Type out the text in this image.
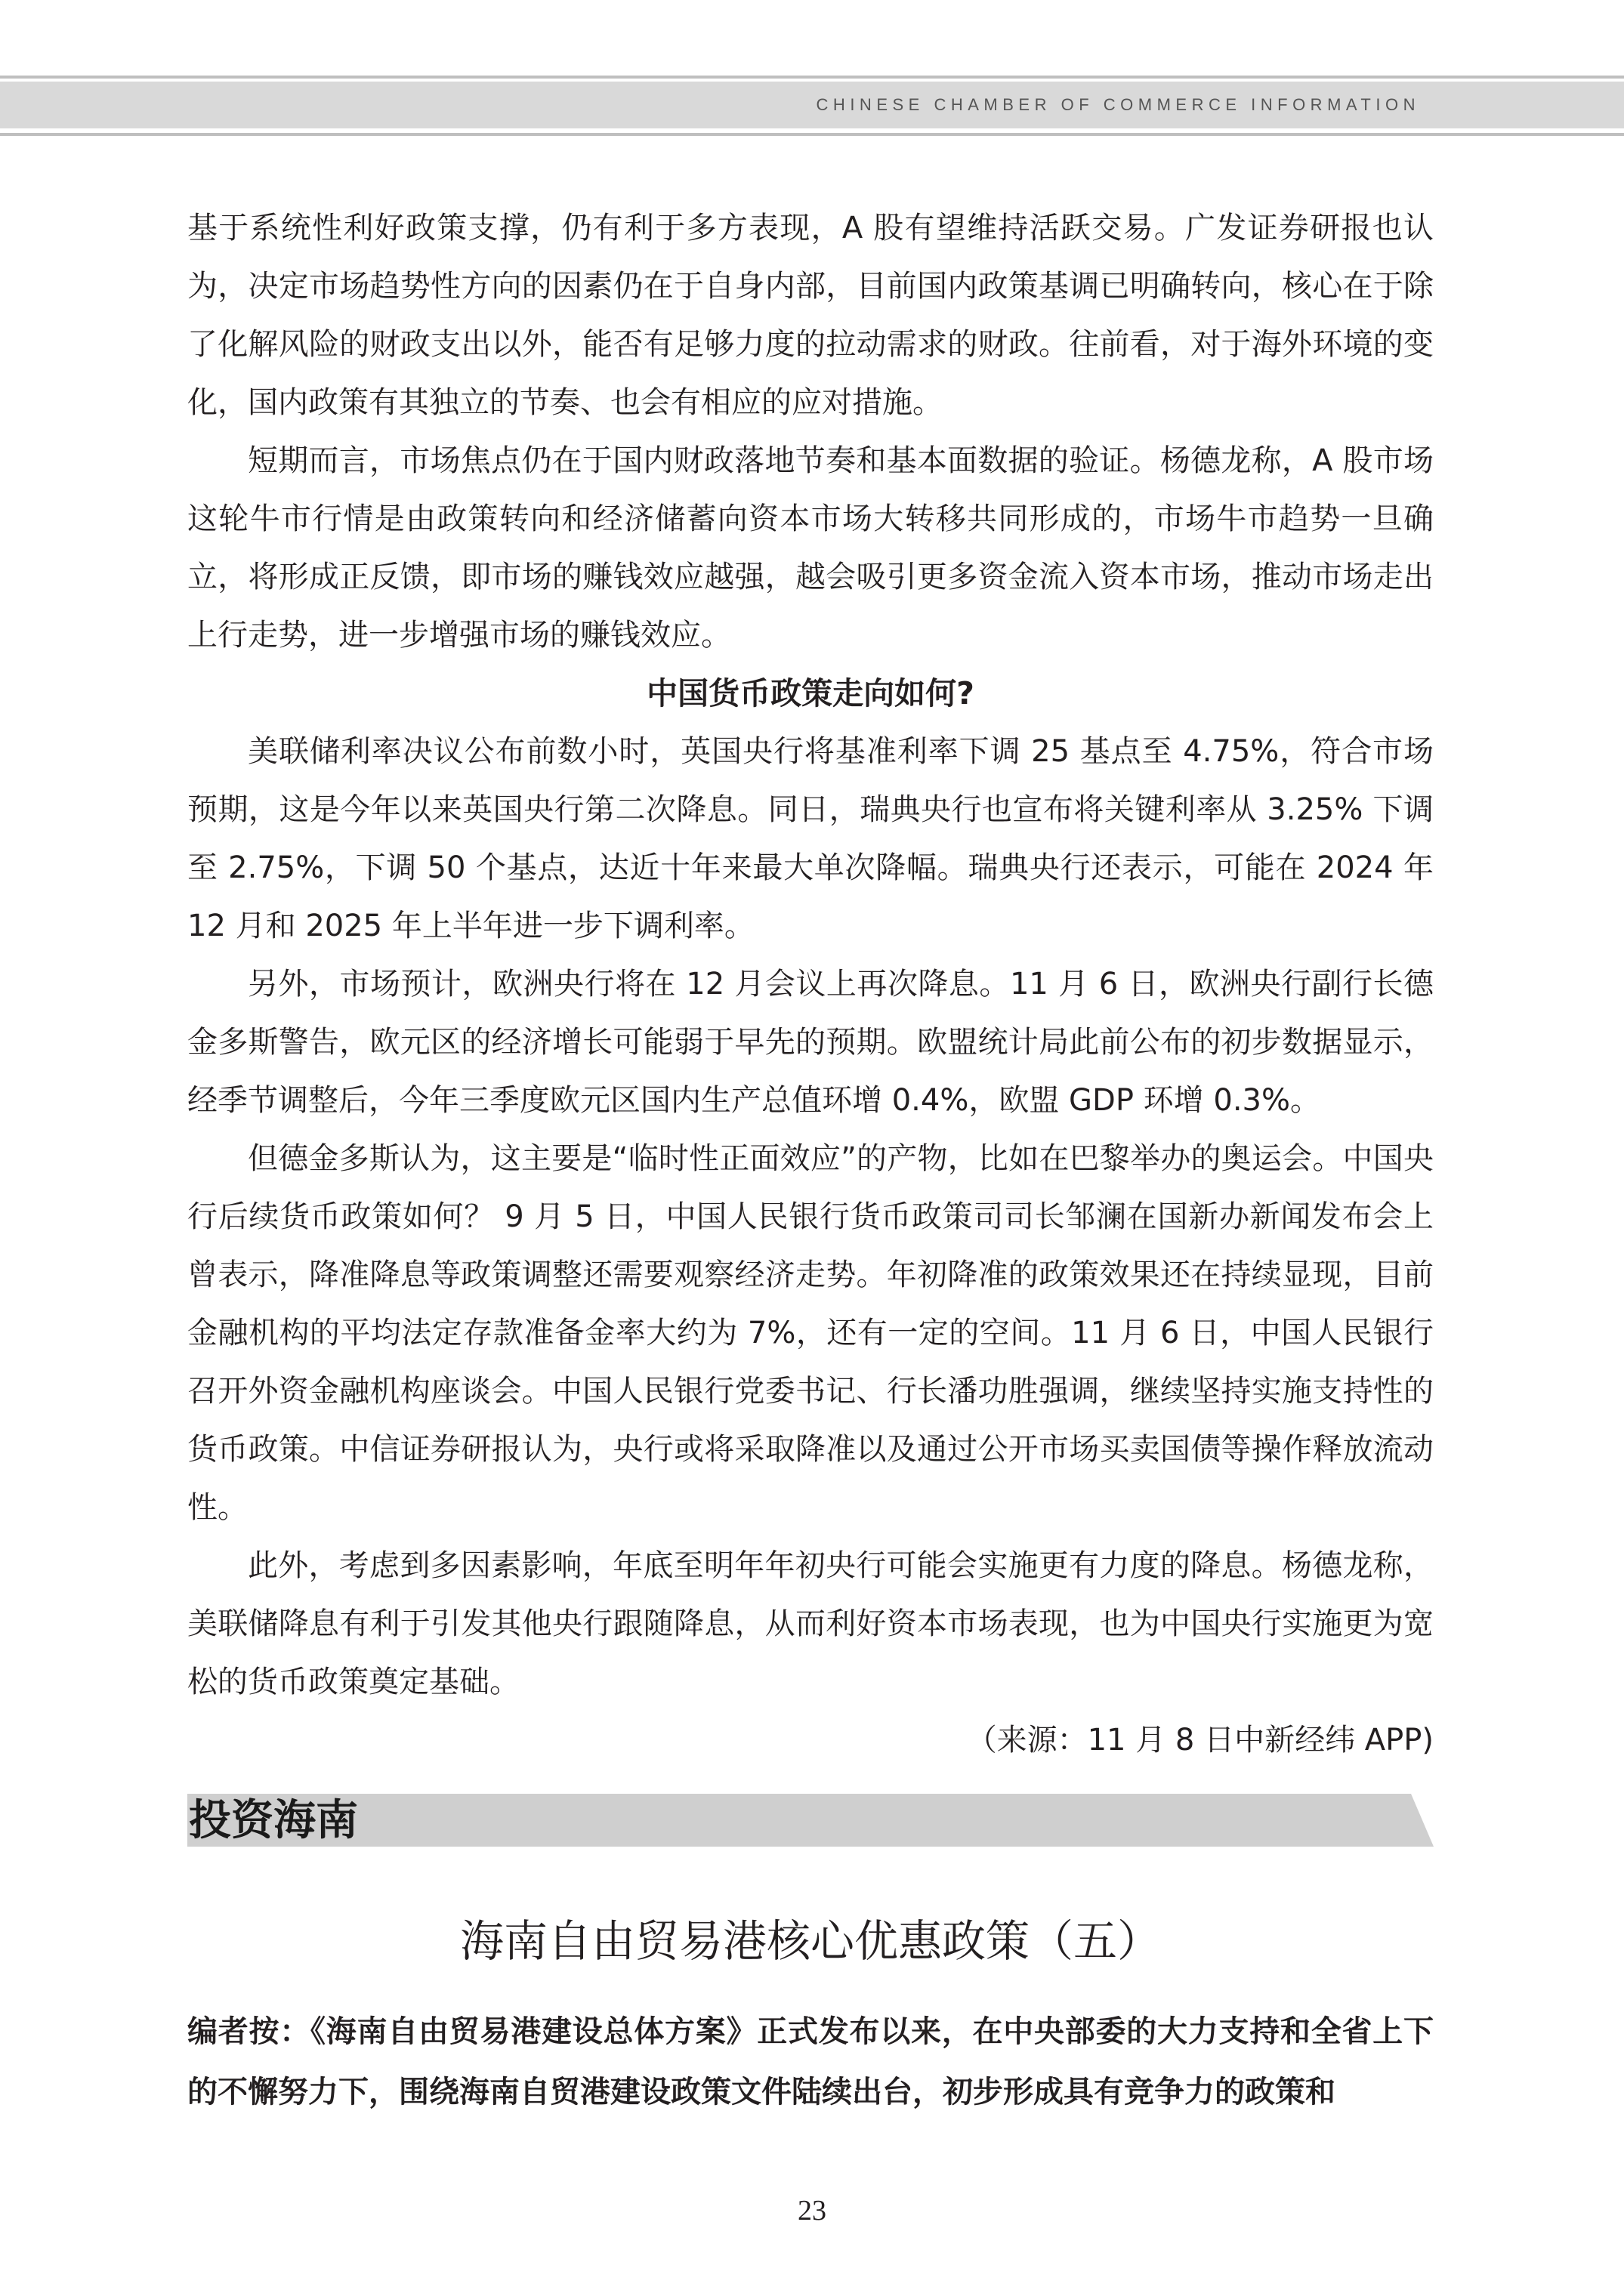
CHINESE CHAMBER OF COMMERCE INFORMATION

基于系统性利好政策支撑，仍有利于多方表现，A 股有望维持活跃交易。广发证券研报也认为，决定市场趋势性方向的因素仍在于自身内部，目前国内政策基调已明确转向，核心在于除了化解风险的财政支出以外，能否有足够力度的拉动需求的财政。往前看，对于海外环境的变化，国内政策有其独立的节奏、也会有相应的应对措施。

短期而言，市场焦点仍在于国内财政落地节奏和基本面数据的验证。杨德龙称，A 股市场这轮牛市行情是由政策转向和经济储蓄向资本市场大转移共同形成的，市场牛市趋势一旦确立，将形成正反馈，即市场的赚钱效应越强，越会吸引更多资金流入资本市场，推动市场走出上行走势，进一步增强市场的赚钱效应。

中国货币政策走向如何?

美联储利率决议公布前数小时，英国央行将基准利率下调 25 基点至 4.75%，符合市场预期，这是今年以来英国央行第二次降息。同日，瑞典央行也宣布将关键利率从 3.25% 下调至 2.75%，下调 50 个基点，达近十年来最大单次降幅。瑞典央行还表示，可能在 2024 年 12 月和 2025 年上半年进一步下调利率。

另外，市场预计，欧洲央行将在 12 月会议上再次降息。11 月 6 日，欧洲央行副行长德金多斯警告，欧元区的经济增长可能弱于早先的预期。欧盟统计局此前公布的初步数据显示，经季节调整后，今年三季度欧元区国内生产总值环增 0.4%，欧盟 GDP 环增 0.3%。

但德金多斯认为，这主要是“临时性正面效应”的产物，比如在巴黎举办的奥运会。中国央行后续货币政策如何？ 9 月 5 日，中国人民银行货币政策司司长邹澜在国新办新闻发布会上曾表示，降准降息等政策调整还需要观察经济走势。年初降准的政策效果还在持续显现，目前金融机构的平均法定存款准备金率大约为 7%，还有一定的空间。11 月 6 日，中国人民银行召开外资金融机构座谈会。中国人民银行党委书记、行长潘功胜强调，继续坚持实施支持性的货币政策。中信证券研报认为，央行或将采取降准以及通过公开市场买卖国债等操作释放流动性。

此外，考虑到多因素影响，年底至明年年初央行可能会实施更有力度的降息。杨德龙称，美联储降息有利于引发其他央行跟随降息，从而利好资本市场表现，也为中国央行实施更为宽松的货币政策奠定基础。

（来源：11 月 8 日中新经纬 APP)

投资海南
海南自由贸易港核心优惠政策（五）

编者按：《海南自由贸易港建设总体方案》正式发布以来，在中央部委的大力支持和全省上下的不懈努力下，围绕海南自贸港建设政策文件陆续出台，初步形成具有竞争力的政策和

23
